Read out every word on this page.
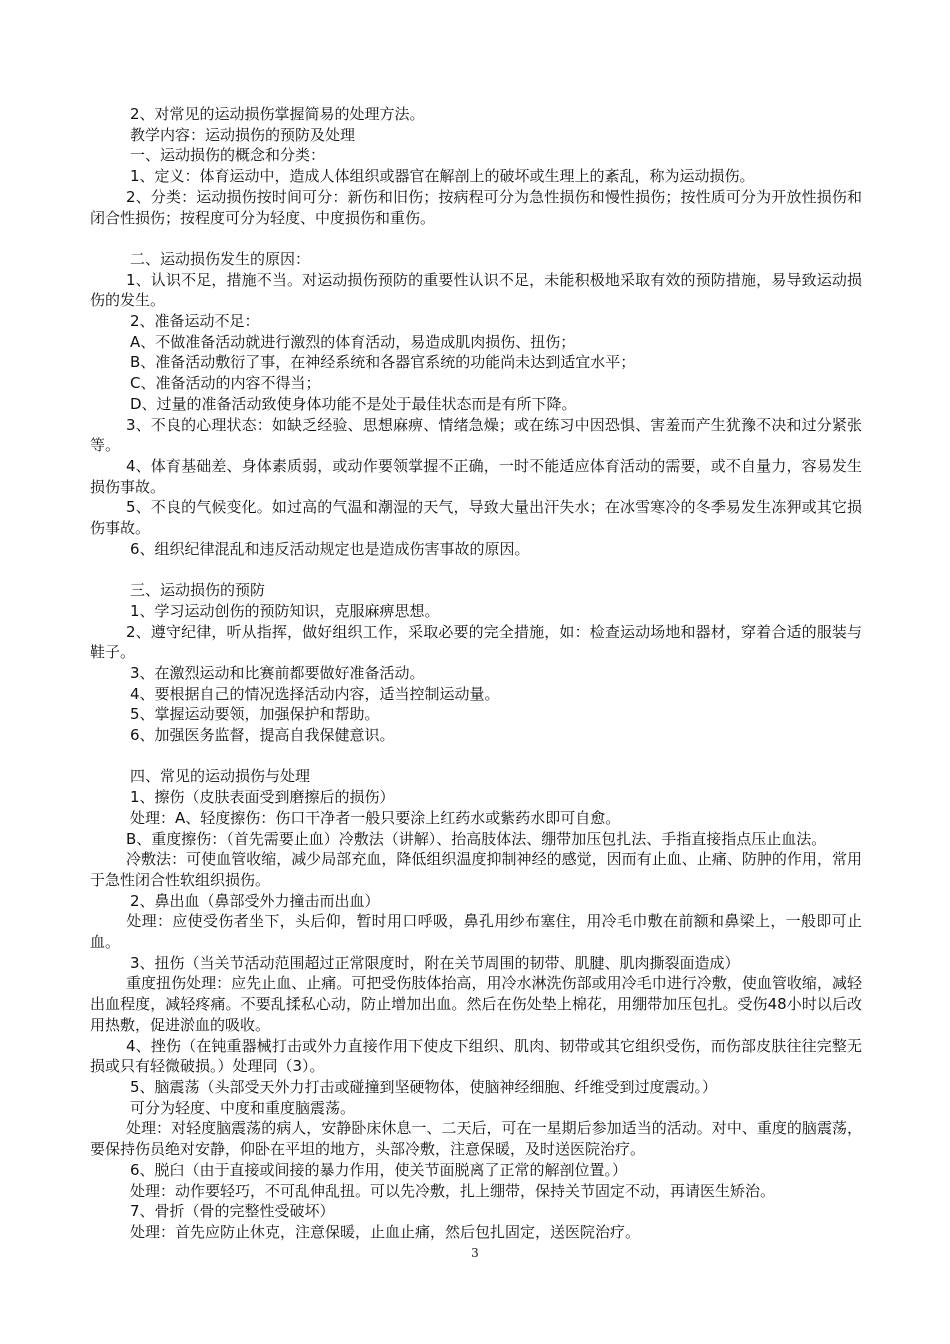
2、对常见的运动损伤掌握简易的处理方法。

教学内容：运动损伤的预防及处理

一、运动损伤的概念和分类：

1、定义：体育运动中，造成人体组织或器官在解剖上的破坏或生理上的紊乱，称为运动损伤。

2、分类：运动损伤按时间可分：新伤和旧伤；按病程可分为急性损伤和慢性损伤；按性质可分为开放性损伤和闭合性损伤；按程度可分为轻度、中度损伤和重伤。

二、运动损伤发生的原因：

1、认识不足，措施不当。对运动损伤预防的重要性认识不足，未能积极地采取有效的预防措施，易导致运动损伤的发生。

2、准备运动不足：

A、不做准备活动就进行激烈的体育活动，易造成肌肉损伤、扭伤；

B、准备活动敷衍了事，在神经系统和各器官系统的功能尚未达到适宜水平；

C、准备活动的内容不得当；

D、过量的准备活动致使身体功能不是处于最佳状态而是有所下降。

3、不良的心理状态：如缺乏经验、思想麻痹、情绪急燥；或在练习中因恐惧、害羞而产生犹豫不决和过分紧张等。

4、体育基础差、身体素质弱，或动作要领掌握不正确，一时不能适应体育活动的需要，或不自量力，容易发生损伤事故。

5、不良的气候变化。如过高的气温和潮湿的天气，导致大量出汗失水；在冰雪寒冷的冬季易发生冻狎或其它损伤事故。

6、组织纪律混乱和违反活动规定也是造成伤害事故的原因。

三、运动损伤的预防

1、学习运动创伤的预防知识，克服麻痹思想。

2、遵守纪律，听从指挥，做好组织工作，采取必要的完全措施，如：检查运动场地和器材，穿着合适的服装与鞋子。

3、在激烈运动和比赛前都要做好准备活动。

4、要根据自己的情况选择活动内容，适当控制运动量。

5、掌握运动要领，加强保护和帮助。

6、加强医务监督，提高自我保健意识。

四、常见的运动损伤与处理

1、擦伤（皮肤表面受到磨擦后的损伤）

处理：A、轻度擦伤：伤口干净者一般只要涂上红药水或紫药水即可自愈。

B、重度擦伤：（首先需要止血）冷敷法（讲解）、抬高肢体法、绷带加压包扎法、手指直接指点压止血法。

冷敷法：可使血管收缩，减少局部充血，降低组织温度抑制神经的感觉，因而有止血、止痛、防肿的作用，常用于急性闭合性软组织损伤。

2、鼻出血（鼻部受外力撞击而出血）

处理：应使受伤者坐下，头后仰，暂时用口呼吸，鼻孔用纱布塞住，用冷毛巾敷在前额和鼻梁上，一般即可止血。

3、扭伤（当关节活动范围超过正常限度时，附在关节周围的韧带、肌腱、肌肉撕裂面造成）

重度扭伤处理：应先止血、止痛。可把受伤肢体抬高，用冷水淋洗伤部或用冷毛巾进行冷敷，使血管收缩，减轻出血程度，减轻疼痛。不要乱揉私心动，防止增加出血。然后在伤处垫上棉花，用绷带加压包扎。受伤48小时以后改用热敷，促进淤血的吸收。

4、挫伤（在钝重器械打击或外力直接作用下使皮下组织、肌肉、韧带或其它组织受伤，而伤部皮肤往往完整无损或只有轻微破损。）处理同（3）。

5、脑震荡（头部受天外力打击或碰撞到坚硬物体，使脑神经细胞、纤维受到过度震动。）

可分为轻度、中度和重度脑震荡。

处理：对轻度脑震荡的病人，安静卧床休息一、二天后，可在一星期后参加适当的活动。对中、重度的脑震荡，要保持伤员绝对安静，仰卧在平坦的地方，头部冷敷，注意保暖，及时送医院治疗。

6、脱臼（由于直接或间接的暴力作用，使关节面脱离了正常的解剖位置。）

处理：动作要轻巧，不可乱伸乱扭。可以先冷敷，扎上绷带，保持关节固定不动，再请医生矫治。

7、骨折（骨的完整性受破坏）

处理：首先应防止休克，注意保暖，止血止痛，然后包扎固定，送医院治疗。

3
